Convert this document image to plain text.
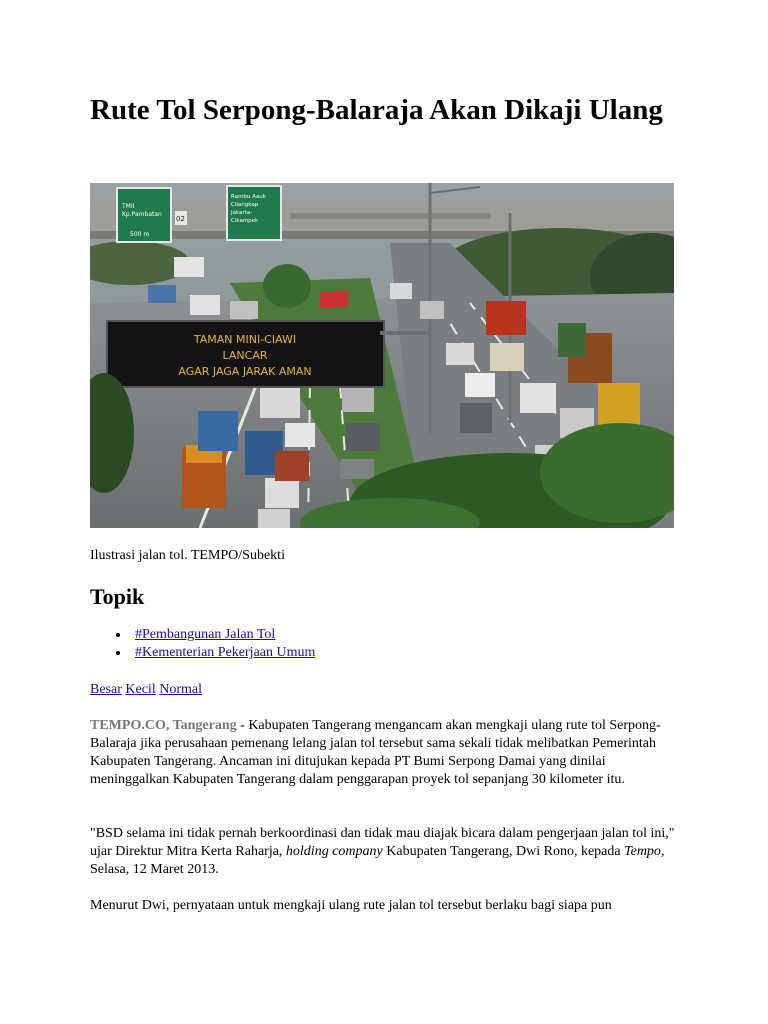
Rute Tol Serpong-Balaraja Akan Dikaji Ulang
TMII
Kp.Pambatan
500 m
Rambu Aauk
Cilangkap
Jakarta-
Cikampek
02
TAMAN MINI-CIAWI
LANCAR
AGAR JAGA JARAK AMAN
Ilustrasi jalan tol. TEMPO/Subekti
Topik
#Pembangunan Jalan Tol
#Kementerian Pekerjaan Umum
Besar Kecil Normal

TEMPO.CO, Tangerang - Kabupaten Tangerang mengancam akan mengkaji ulang rute tol Serpong-Balaraja jika perusahaan pemenang lelang jalan tol tersebut sama sekali tidak melibatkan Pemerintah Kabupaten Tangerang. Ancaman ini ditujukan kepada PT Bumi Serpong Damai yang dinilai meninggalkan Kabupaten Tangerang dalam penggarapan proyek tol sepanjang 30 kilometer itu.

"BSD selama ini tidak pernah berkoordinasi dan tidak mau diajak bicara dalam pengerjaan jalan tol ini," ujar Direktur Mitra Kerta Raharja, holding company Kabupaten Tangerang, Dwi Rono, kepada Tempo, Selasa, 12 Maret 2013.

Menurut Dwi, pernyataan untuk mengkaji ulang rute jalan tol tersebut berlaku bagi siapa pun
